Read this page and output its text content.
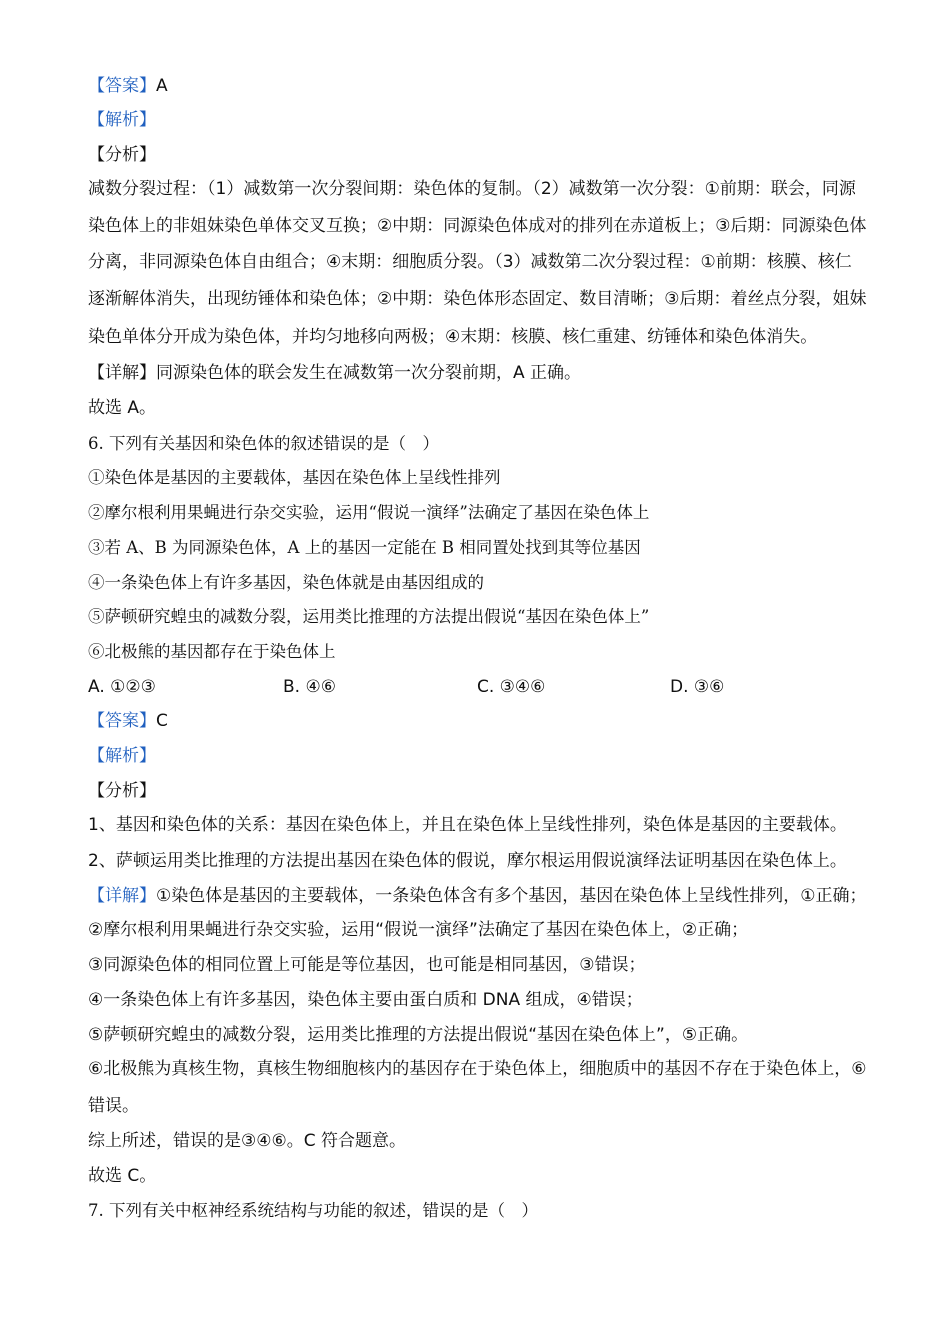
【答案】A
【解析】
【分析】
减数分裂过程：（1）减数第一次分裂间期：染色体的复制。（2）减数第一次分裂：①前期：联会，同源
染色体上的非姐妹染色单体交叉互换；②中期：同源染色体成对的排列在赤道板上；③后期：同源染色体
分离，非同源染色体自由组合；④末期：细胞质分裂。（3）减数第二次分裂过程：①前期：核膜、核仁
逐渐解体消失，出现纺锤体和染色体；②中期：染色体形态固定、数目清晰；③后期：着丝点分裂，姐妹
染色单体分开成为染色体，并均匀地移向两极；④末期：核膜、核仁重建、纺锤体和染色体消失。
【详解】同源染色体的联会发生在减数第一次分裂前期，A 正确。
故选 A。
6. 下列有关基因和染色体的叙述错误的是（　）
①染色体是基因的主要载体，基因在染色体上呈线性排列
②摩尔根利用果蝇进行杂交实验，运用“假说一演绎”法确定了基因在染色体上
③若 A、B 为同源染色体，A 上的基因一定能在 B 相同置处找到其等位基因
④一条染色体上有许多基因，染色体就是由基因组成的
⑤萨顿研究蝗虫的减数分裂，运用类比推理的方法提出假说“基因在染色体上”
⑥北极熊的基因都存在于染色体上
A. ①②③	B. ④⑥	C. ③④⑥	D. ③⑥
【答案】C
【解析】
【分析】
1、基因和染色体的关系：基因在染色体上，并且在染色体上呈线性排列，染色体是基因的主要载体。
2、萨顿运用类比推理的方法提出基因在染色体的假说，摩尔根运用假说演绎法证明基因在染色体上。
【详解】①染色体是基因的主要载体，一条染色体含有多个基因，基因在染色体上呈线性排列，①正确；
②摩尔根利用果蝇进行杂交实验，运用“假说一演绎”法确定了基因在染色体上，②正确；
③同源染色体的相同位置上可能是等位基因，也可能是相同基因，③错误；
④一条染色体上有许多基因，染色体主要由蛋白质和 DNA 组成，④错误；
⑤萨顿研究蝗虫的减数分裂，运用类比推理的方法提出假说“基因在染色体上”，⑤正确。
⑥北极熊为真核生物，真核生物细胞核内的基因存在于染色体上，细胞质中的基因不存在于染色体上，⑥
错误。
综上所述，错误的是③④⑥。C 符合题意。
故选 C。
7. 下列有关中枢神经系统结构与功能的叙述，错误的是（　）
